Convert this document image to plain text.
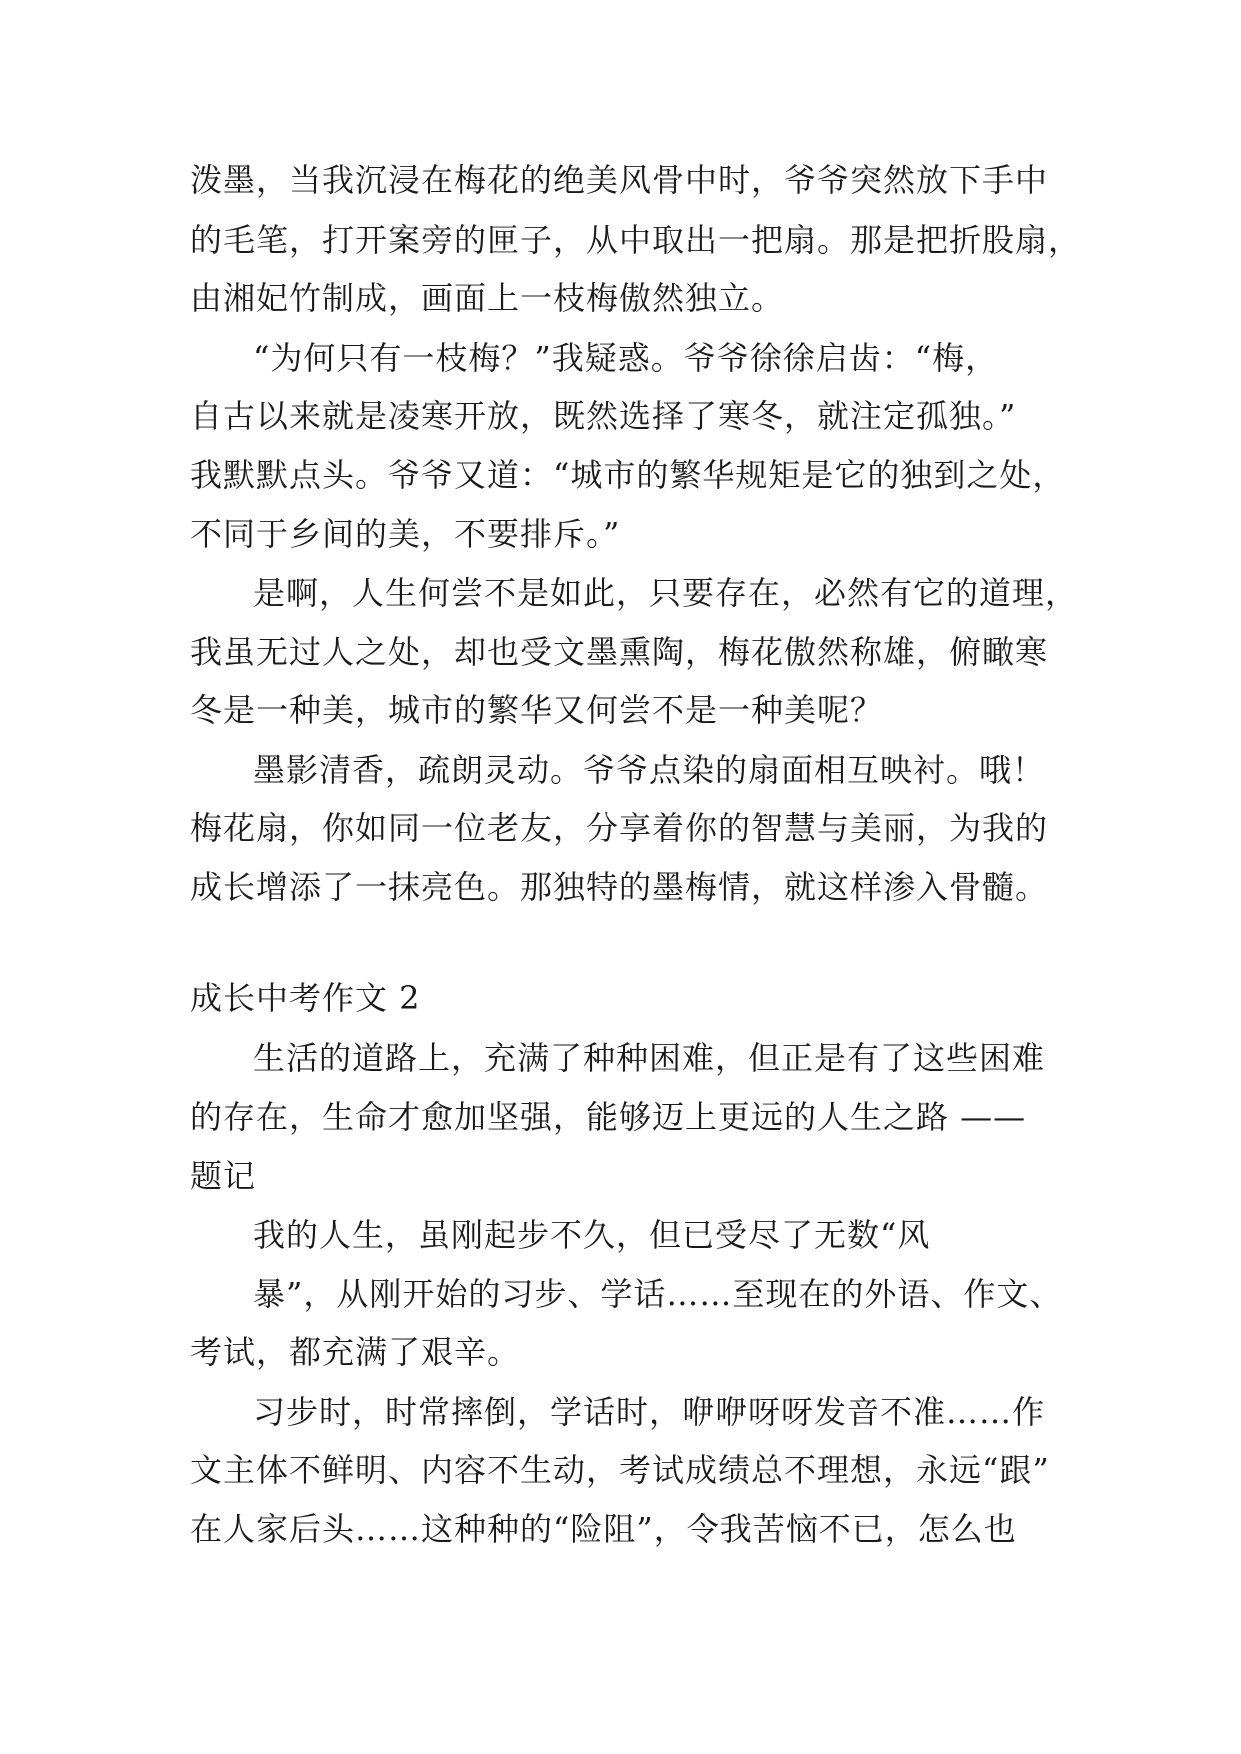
泼墨，当我沉浸在梅花的绝美风骨中时，爷爷突然放下手中
的毛笔，打开案旁的匣子，从中取出一把扇。那是把折股扇，
由湘妃竹制成，画面上一枝梅傲然独立。
“为何只有一枝梅？”我疑惑。爷爷徐徐启齿：“梅，
自古以来就是凌寒开放，既然选择了寒冬，就注定孤独。”
我默默点头。爷爷又道：“城市的繁华规矩是它的独到之处，
不同于乡间的美，不要排斥。”
是啊，人生何尝不是如此，只要存在，必然有它的道理，
我虽无过人之处，却也受文墨熏陶，梅花傲然称雄，俯瞰寒
冬是一种美，城市的繁华又何尝不是一种美呢？
墨影清香，疏朗灵动。爷爷点染的扇面相互映衬。哦！
梅花扇，你如同一位老友，分享着你的智慧与美丽，为我的
成长增添了一抹亮色。那独特的墨梅情，就这样渗入骨髓。
成长中考作文 2
生活的道路上，充满了种种困难，但正是有了这些困难
的存在，生命才愈加坚强，能够迈上更远的人生之路 ——
题记
我的人生，虽刚起步不久，但已受尽了无数“风
暴”，从刚开始的习步、学话……至现在的外语、作文、
考试，都充满了艰辛。
习步时，时常摔倒，学话时，咿咿呀呀发音不准……作
文主体不鲜明、内容不生动，考试成绩总不理想，永远“跟”
在人家后头……这种种的“险阻”，令我苦恼不已，怎么也
